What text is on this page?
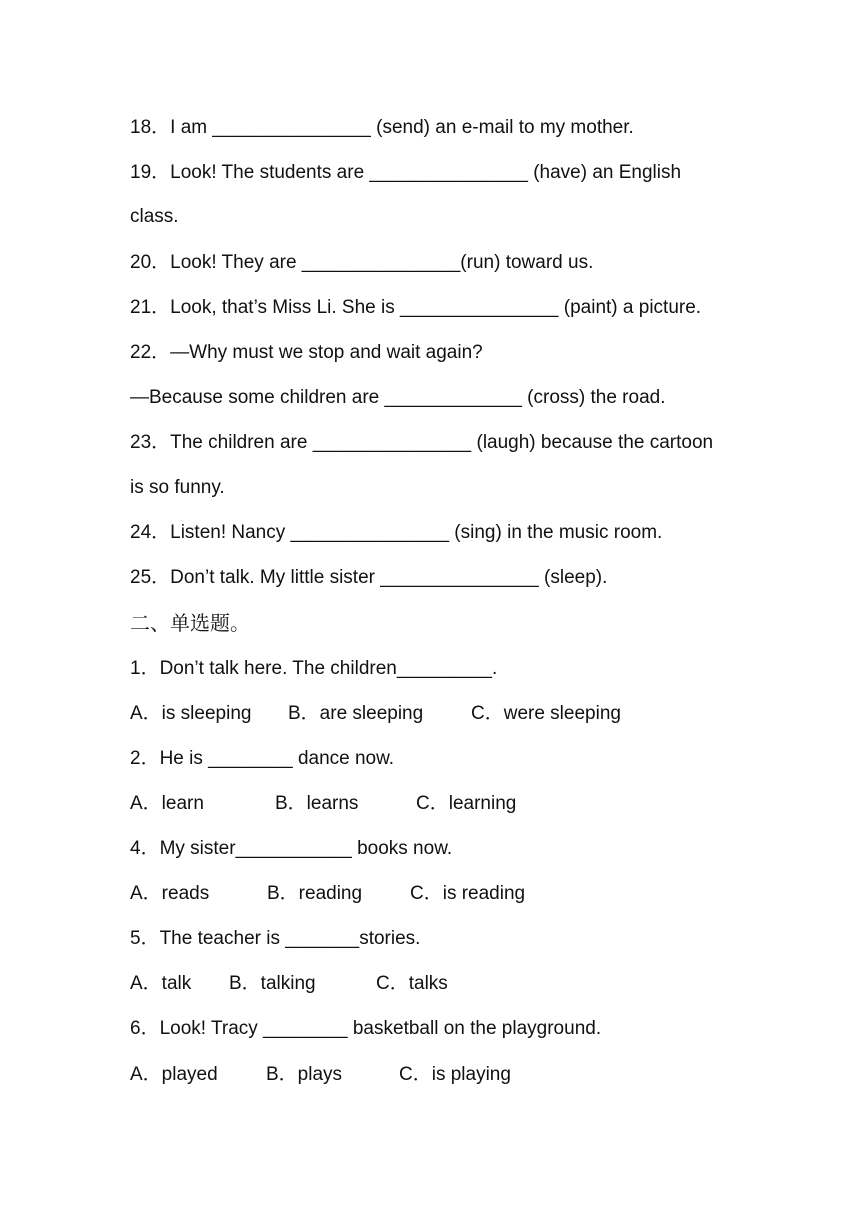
18．I am _______________ (send) an e-mail to my mother.
19．Look! The students are _______________ (have) an English
class.
20．Look! They are _______________(run) toward us.
21．Look, that’s Miss Li. She is _______________ (paint) a picture.
22．—Why must we stop and wait again?
—Because some children are _____________ (cross) the road.
23．The children are _______________ (laugh) because the cartoon
is so funny.
24．Listen! Nancy _______________ (sing) in the music room.
25．Don’t talk. My little sister _______________ (sleep).
二、单选题。
1．Don’t talk here. The children_________.
A．is sleeping B．are sleeping	C．were sleeping
2．He is ________ dance now.
A．learn	B．learns	C．learning
4．My sister___________ books now.
A．reads	B．reading	C．is reading
5．The teacher is _______stories.
A．talk B．talking	C．talks
6．Look! Tracy ________ basketball on the playground.
A．played	B．plays	C．is playing
